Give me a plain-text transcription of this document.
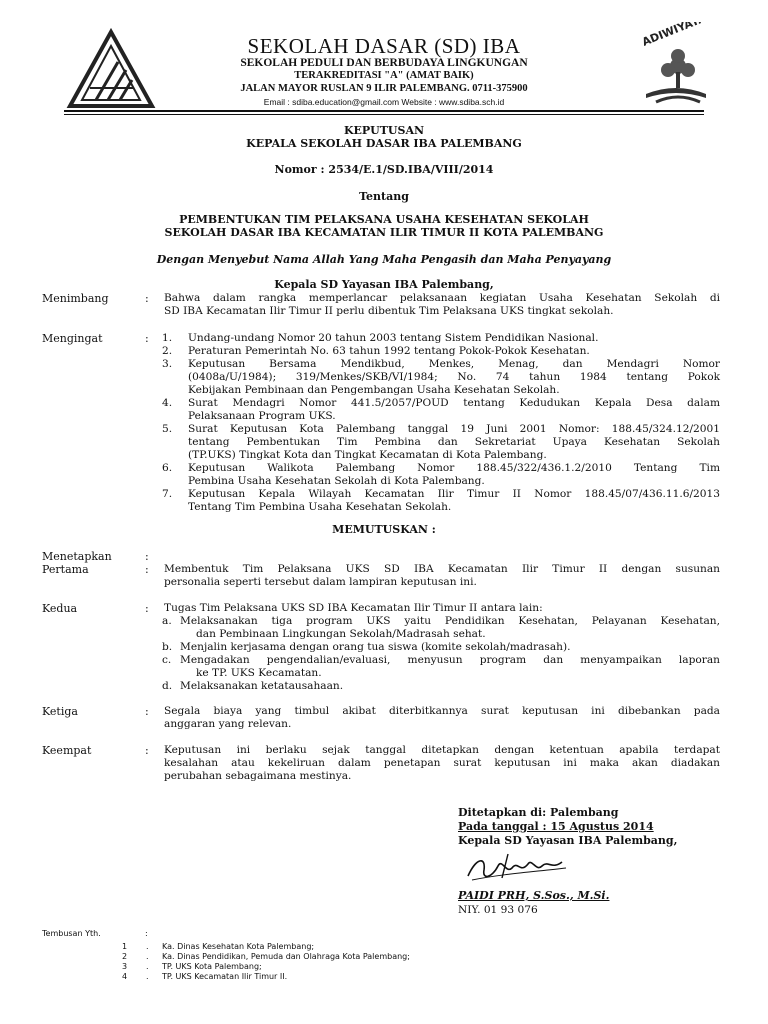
ADIWIYATA
SEKOLAH DASAR (SD) IBA
SEKOLAH PEDULI DAN BERBUDAYA LINGKUNGAN
TERAKREDITASI "A" (AMAT BAIK)
JALAN MAYOR RUSLAN 9 ILIR PALEMBANG. 0711-375900
Email : sdiba.education@gmail.com Website : www.sdiba.sch.id
KEPUTUSAN
KEPALA SEKOLAH DASAR IBA PALEMBANG
Nomor : 2534/E.1/SD.IBA/VIII/2014
Tentang
PEMBENTUKAN TIM PELAKSANA USAHA KESEHATAN SEKOLAH
SEKOLAH DASAR IBA KECAMATAN ILIR TIMUR II KOTA PALEMBANG
Dengan Menyebut Nama Allah Yang Maha Pengasih dan Maha Penyayang
Kepala SD Yayasan IBA Palembang,
Menimbang	: Bahwa dalam rangka memperlancar pelaksanaan kegiatan Usaha Kesehatan Sekolah di
SD IBA Kecamatan Ilir Timur II perlu dibentuk Tim Pelaksana UKS tingkat sekolah.
Mengingat	: 1. Undang-undang Nomor 20 tahun 2003 tentang Sistem Pendidikan Nasional.
2. Peraturan Pemerintah No. 63 tahun 1992 tentang Pokok-Pokok Kesehatan.
3. Keputusan Bersama Mendikbud, Menkes, Menag, dan Mendagri Nomor
(0408a/U/1984); 319/Menkes/SKB/VI/1984; No. 74 tahun 1984 tentang Pokok
Kebijakan Pembinaan dan Pengembangan Usaha Kesehatan Sekolah.
4. Surat Mendagri Nomor 441.5/2057/POUD tentang Kedudukan Kepala Desa dalam
Pelaksanaan Program UKS.
5. Surat Keputusan Kota Palembang tanggal 19 Juni 2001 Nomor: 188.45/324.12/2001
tentang Pembentukan Tim Pembina dan Sekretariat Upaya Kesehatan Sekolah
(TP.UKS) Tingkat Kota dan Tingkat Kecamatan di Kota Palembang.
6. Keputusan Walikota Palembang Nomor 188.45/322/436.1.2/2010 Tentang Tim
Pembina Usaha Kesehatan Sekolah di Kota Palembang.
7. Keputusan Kepala Wilayah Kecamatan Ilir Timur II Nomor 188.45/07/436.11.6/2013
Tentang Tim Pembina Usaha Kesehatan Sekolah.
MEMUTUSKAN :
Menetapkan	:
Pertama	: Membentuk Tim Pelaksana UKS SD IBA Kecamatan Ilir Timur II dengan susunan
personalia seperti tersebut dalam lampiran keputusan ini.
Kedua	: Tugas Tim Pelaksana UKS SD IBA Kecamatan Ilir Timur II antara lain:
a. Melaksanakan tiga program UKS yaitu Pendidikan Kesehatan, Pelayanan Kesehatan,
dan Pembinaan Lingkungan Sekolah/Madrasah sehat.
b. Menjalin kerjasama dengan orang tua siswa (komite sekolah/madrasah).
c. Mengadakan pengendalian/evaluasi, menyusun program dan menyampaikan laporan
ke TP. UKS Kecamatan.
d. Melaksanakan ketatausahaan.
Ketiga	: Segala biaya yang timbul akibat diterbitkannya surat keputusan ini dibebankan pada
anggaran yang relevan.
Keempat	: Keputusan ini berlaku sejak tanggal ditetapkan dengan ketentuan apabila terdapat
kesalahan atau kekeliruan dalam penetapan surat keputusan ini maka akan diadakan
perubahan sebagaimana mestinya.
Ditetapkan di: Palembang
Pada tanggal : 15 Agustus 2014
Kepala SD Yayasan IBA Palembang,
PAIDI PRH, S.Sos., M.Si.
NIY. 01 93 076
Tembusan Yth.	:
1 . Ka. Dinas Kesehatan Kota Palembang;
2 . Ka. Dinas Pendidikan, Pemuda dan Olahraga Kota Palembang;
3 . TP. UKS Kota Palembang;
4 . TP. UKS Kecamatan Ilir Timur II.
